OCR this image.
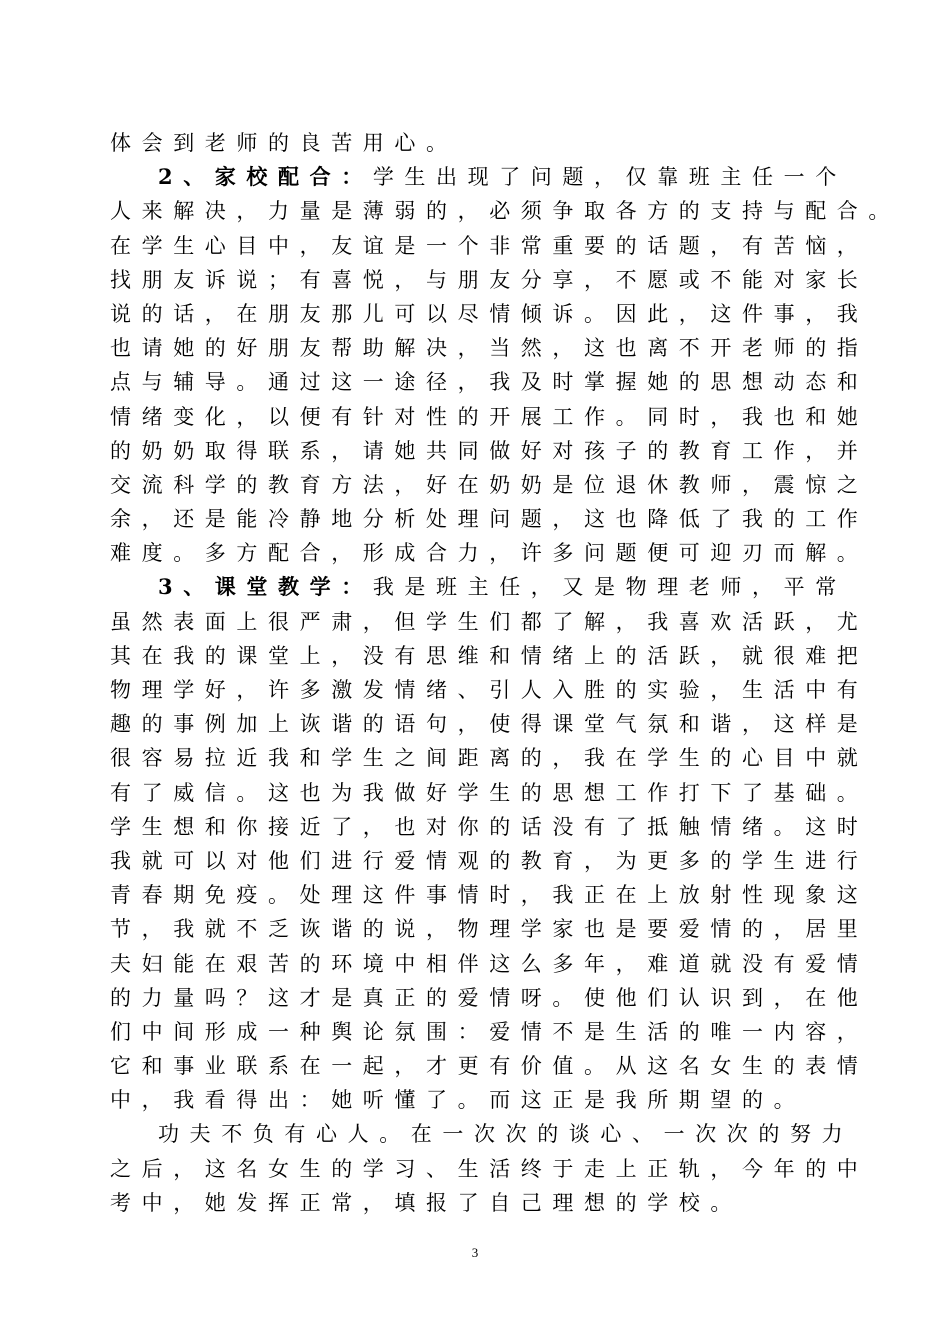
体会到老师的良苦用心。
2、家校配合：学生出现了问题，仅靠班主任一个
人来解决，力量是薄弱的，必须争取各方的支持与配合。
在学生心目中，友谊是一个非常重要的话题，有苦恼，
找朋友诉说；有喜悦，与朋友分享，不愿或不能对家长
说的话，在朋友那儿可以尽情倾诉。因此，这件事，我
也请她的好朋友帮助解决，当然，这也离不开老师的指
点与辅导。通过这一途径，我及时掌握她的思想动态和
情绪变化，以便有针对性的开展工作。同时，我也和她
的奶奶取得联系，请她共同做好对孩子的教育工作，并
交流科学的教育方法，好在奶奶是位退休教师，震惊之
余，还是能冷静地分析处理问题，这也降低了我的工作
难度。多方配合，形成合力，许多问题便可迎刃而解。
3、课堂教学：我是班主任，又是物理老师，平常
虽然表面上很严肃，但学生们都了解，我喜欢活跃，尤
其在我的课堂上，没有思维和情绪上的活跃，就很难把
物理学好，许多激发情绪、引人入胜的实验，生活中有
趣的事例加上诙谐的语句，使得课堂气氛和谐，这样是
很容易拉近我和学生之间距离的，我在学生的心目中就
有了威信。这也为我做好学生的思想工作打下了基础。
学生想和你接近了，也对你的话没有了抵触情绪。这时
我就可以对他们进行爱情观的教育，为更多的学生进行
青春期免疫。处理这件事情时，我正在上放射性现象这
节，我就不乏诙谐的说，物理学家也是要爱情的，居里
夫妇能在艰苦的环境中相伴这么多年，难道就没有爱情
的力量吗？这才是真正的爱情呀。使他们认识到，在他
们中间形成一种舆论氛围：爱情不是生活的唯一内容，
它和事业联系在一起，才更有价值。从这名女生的表情
中，我看得出：她听懂了。而这正是我所期望的。
功夫不负有心人。在一次次的谈心、一次次的努力
之后，这名女生的学习、生活终于走上正轨，今年的中
考中，她发挥正常，填报了自己理想的学校。
3
